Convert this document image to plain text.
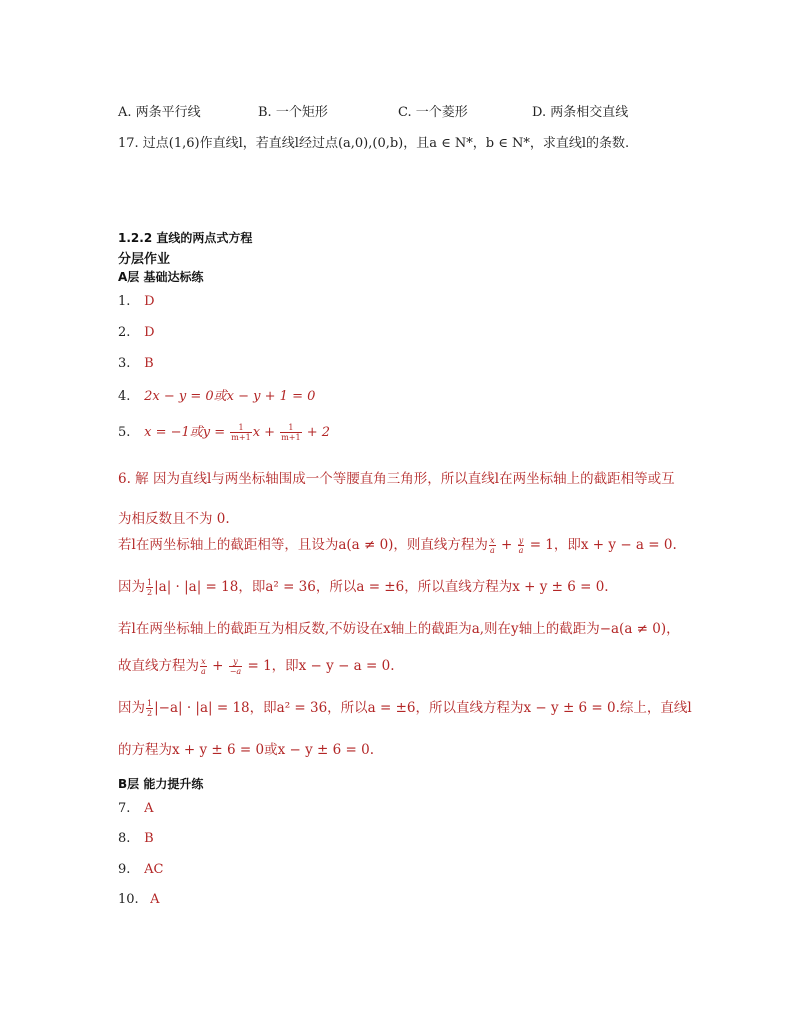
A. 两条平行线	B. 一个矩形	C. 一个菱形	D. 两条相交直线
17. 过点(1,6)作直线l，若直线l经过点(a,0),(0,b)，且a ∈ N*，b ∈ N*，求直线l的条数.
1.2.2 直线的两点式方程
分层作业
A层 基础达标练
1. D
2. D
3. B
4. 2x − y = 0或x − y + 1 = 0
5. x = −1或$y = \frac{1}{m+1}$ $x + \frac{1}{m+1} + 2$
6. 解 因为直线l与两坐标轴围成一个等腰直角三角形，所以直线l在两坐标轴上的截距相等或互
为相反数且不为 0.
若l在两坐标轴上的截距相等，且设为a(a ≠ 0)，则直线方程为 $\frac{x}{a} + \frac{y}{a} = 1$，即x + y − a = 0.
因为 $\frac{1}{2} |a| \cdot |a| = 18$，即a² = 36，所以a = ±6，所以直线方程为x + y ± 6 = 0.
若l在两坐标轴上的截距互为相反数,不妨设在x轴上的截距为a,则在y轴上的截距为−a(a ≠ 0)，
故直线方程为 $\frac{x}{a} + \frac{y}{-a} = 1$，即x − y − a = 0.
因为 $\frac{1}{2} |-a| \cdot |a| = 18$，即a² = 36，所以a = ±6，所以直线方程为x − y ± 6 = 0.综上，直线l
的方程为x + y ± 6 = 0或x − y ± 6 = 0.
B层 能力提升练
7. A
8. B
9. AC
10. A
